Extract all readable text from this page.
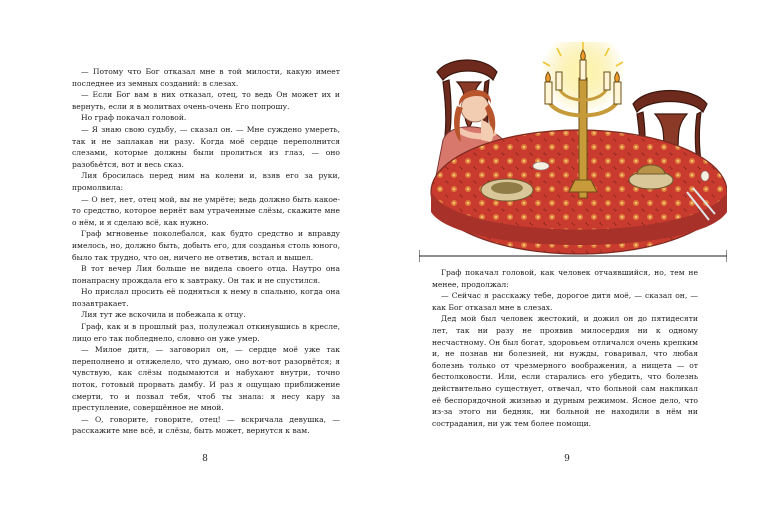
— Потому что Бог отказал мне в той милости, какую имеет последнее из земных созданий: в слезах.

— Если Бог вам в них отказал, отец, то ведь Он может их и вернуть, если я в молитвах очень-очень Его попрошу.

Но граф покачал головой.

— Я знаю свою судьбу, — сказал он. — Мне суждено умереть, так и не заплакав ни разу. Когда моё сердце переполнится слезами, которые должны были пролиться из глаз, — оно разобьётся, вот и весь сказ.

Лия бросилась перед ним на колени и, взяв его за руки, промолвила:

— О нет, нет, отец мой, вы не умрёте; ведь должно быть какое-то средство, которое вернёт вам утраченные слёзы, скажите мне о нём, и я сделаю всё, как нужно.

Граф мгновенье поколебался, как будто средство и вправду имелось, но, должно быть, добыть его, для созданья столь юного, было так трудно, что он, ничего не ответив, встал и вышел.

В тот вечер Лия больше не видела своего отца. Наутро она понапрасну прождала его к завтраку. Он так и не спустился.

Но прислал просить её подняться к нему в спальню, когда она позавтракает.

Лия тут же вскочила и побежала к отцу.

Граф, как и в прошлый раз, полулежал откинувшись в кресле, лицо его так побледнело, словно он уже умер.

— Милое дитя, — заговорил он, — сердце моё уже так переполнено и отяжелело, что думаю, оно вот-вот разорвётся; я чувствую, как слёзы подымаются и набухают внутри, точно поток, готовый прорвать дамбу. И раз я ощущаю приближение смерти, то и позвал тебя, чтоб ты знала: я несу кару за преступление, совершённое не мной.

— О, говорите, говорите, отец! — вскричала девушка, — расскажите мне всё, и слёзы, быть может, вернутся к вам.

8

Граф покачал головой, как человек отчаявшийся, но, тем не менее, продолжал:

— Сейчас я расскажу тебе, дорогое дитя моё, — сказал он, — как Бог отказал мне в слезах.

Дед мой был человек жестокий, и дожил он до пятидесяти лет, так ни разу не проявив милосердия ни к одному несчастному. Он был богат, здоровьем отличался очень крепким и, не познав ни болезней, ни нужды, говаривал, что любая болезнь только от чрезмерного воображения, а нищета — от бестолковости. Или, если старались его убедить, что болезнь действительно существует, отвечал, что больной сам накликал её беспорядочной жизнью и дурным режимом. Ясное дело, что из-за этого ни бедняк, ни больной не находили в нём ни сострадания, ни уж тем более помощи.

9
